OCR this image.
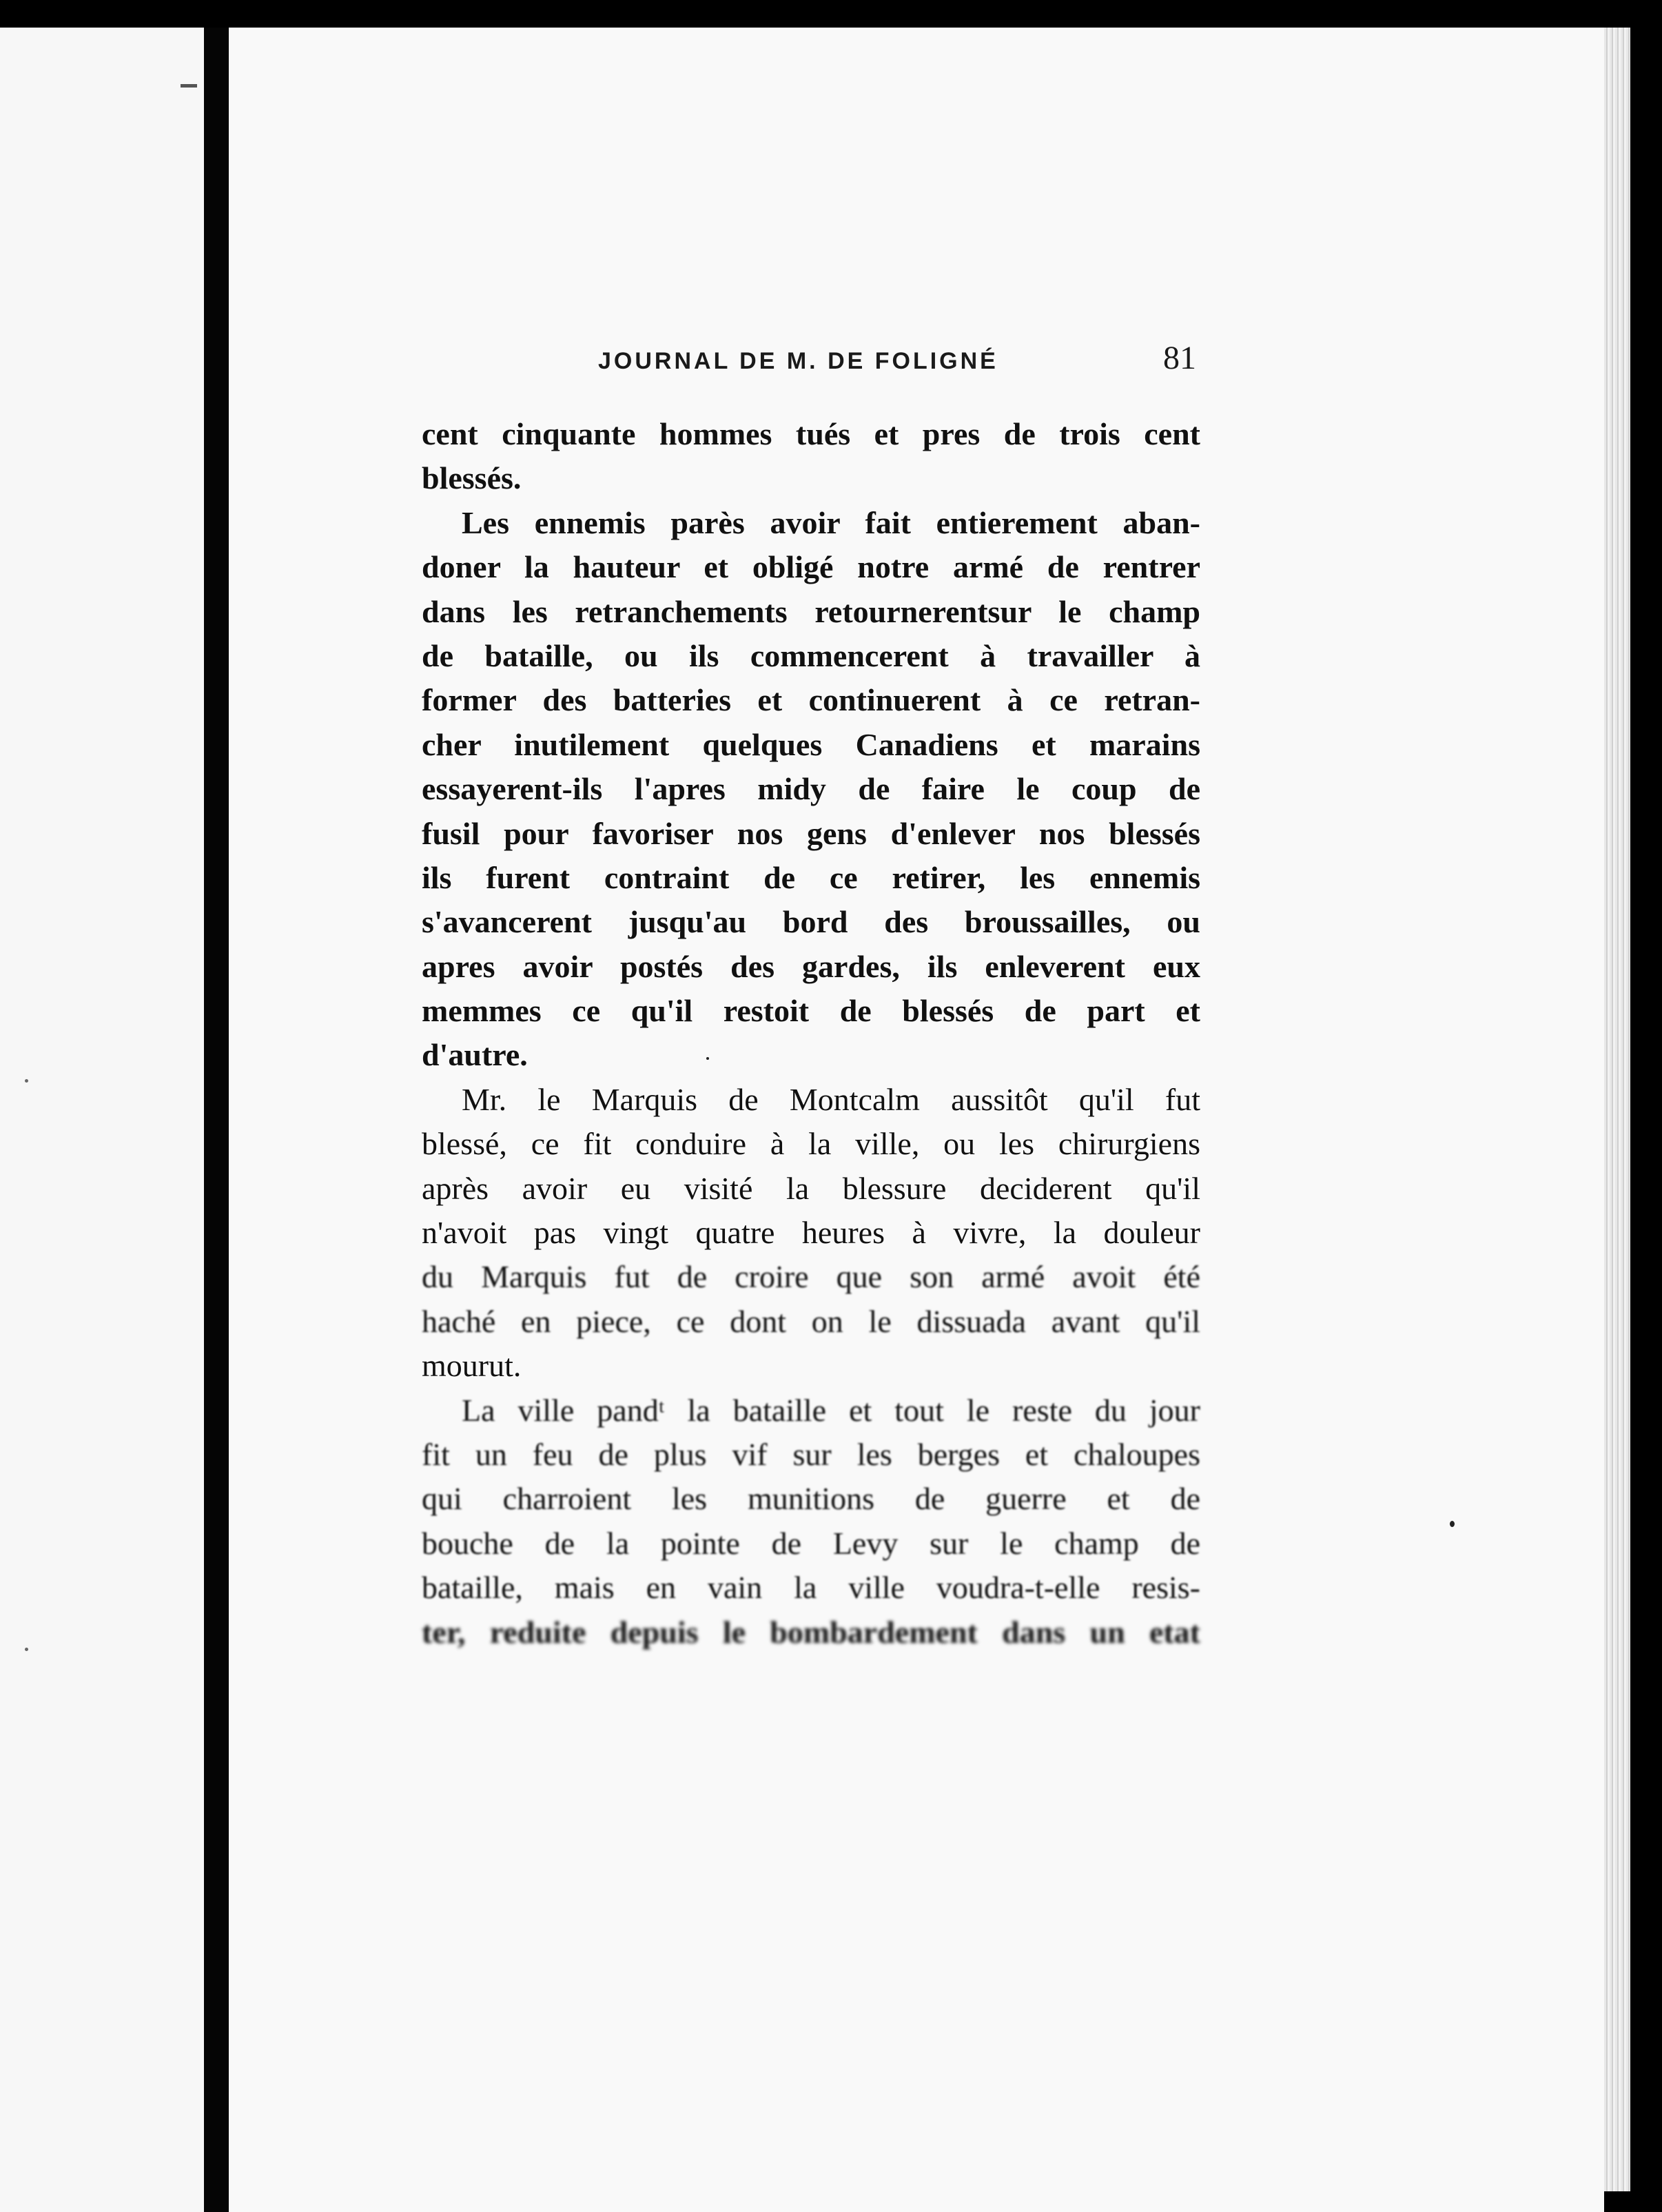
JOURNAL DE M. DE FOLIGNÉ	81
cent cinquante hommes tués et pres de trois cent
blessés.
Les ennemis parès avoir fait entierement aban-
doner la hauteur et obligé notre armé de rentrer
dans les retranchements retournerentsur le champ
de bataille, ou ils commencerent à travailler à
former des batteries et continuerent à ce retran-
cher inutilement quelques Canadiens et marains
essayerent-ils l'apres midy de faire le coup de
fusil pour favoriser nos gens d'enlever nos blessés
ils furent contraint de ce retirer, les ennemis
s'avancerent jusqu'au bord des broussailles, ou
apres avoir postés des gardes, ils enleverent eux
memmes ce qu'il restoit de blessés de part et
d'autre.
Mr. le Marquis de Montcalm aussitôt qu'il fut
blessé, ce fit conduire à la ville, ou les chirurgiens
après avoir eu visité la blessure deciderent qu'il
n'avoit pas vingt quatre heures à vivre, la douleur
du Marquis fut de croire que son armé avoit été
haché en piece, ce dont on le dissuada avant qu'il
mourut.
La ville pandᵗ la bataille et tout le reste du jour
fit un feu de plus vif sur les berges et chaloupes
qui charroient les munitions de guerre et de
bouche de la pointe de Levy sur le champ de
bataille, mais en vain la ville voudra-t-elle resis-
ter, reduite depuis le bombardement dans un etat
